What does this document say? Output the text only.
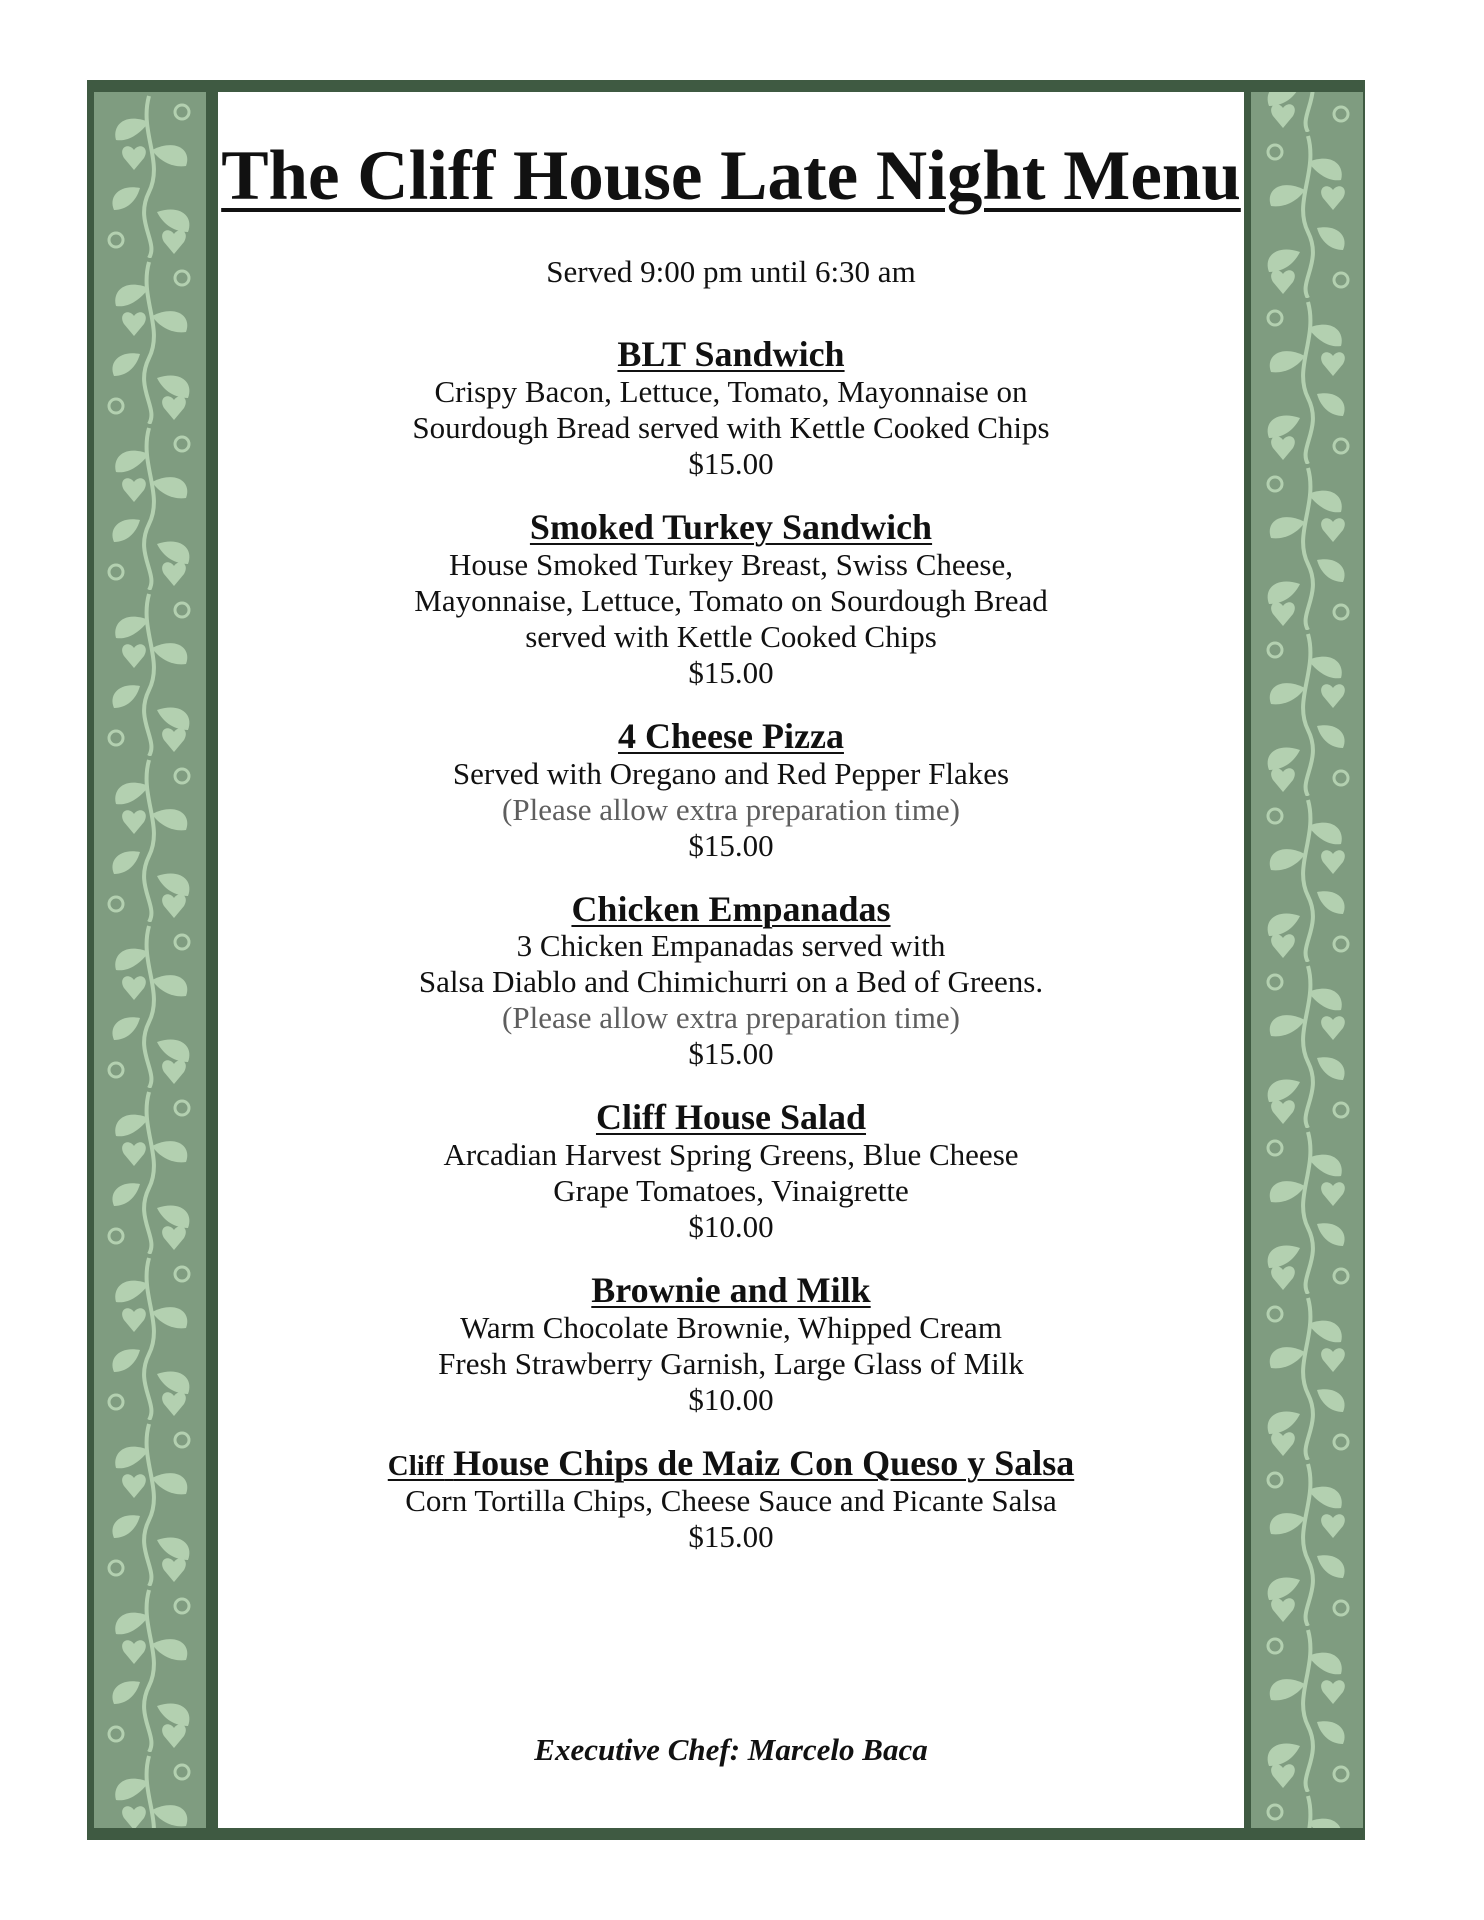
The Cliff House Late Night Menu
Served 9:00 pm until 6:30 am
BLT Sandwich
Crispy Bacon, Lettuce, Tomato, Mayonnaise on
Sourdough Bread served with Kettle Cooked Chips
$15.00
Smoked Turkey Sandwich
House Smoked Turkey Breast, Swiss Cheese,
Mayonnaise, Lettuce, Tomato on Sourdough Bread
served with Kettle Cooked Chips
$15.00
4 Cheese Pizza
Served with Oregano and Red Pepper Flakes
(Please allow extra preparation time)
$15.00
Chicken Empanadas
3 Chicken Empanadas served with
Salsa Diablo and Chimichurri on a Bed of Greens.
(Please allow extra preparation time)
$15.00
Cliff House Salad
Arcadian Harvest Spring Greens, Blue Cheese
Grape Tomatoes, Vinaigrette
$10.00
Brownie and Milk
Warm Chocolate Brownie, Whipped Cream
Fresh Strawberry Garnish, Large Glass of Milk
$10.00
Cliff House Chips de Maiz Con Queso y Salsa
Corn Tortilla Chips, Cheese Sauce and Picante Salsa
$15.00
Executive Chef: Marcelo Baca
